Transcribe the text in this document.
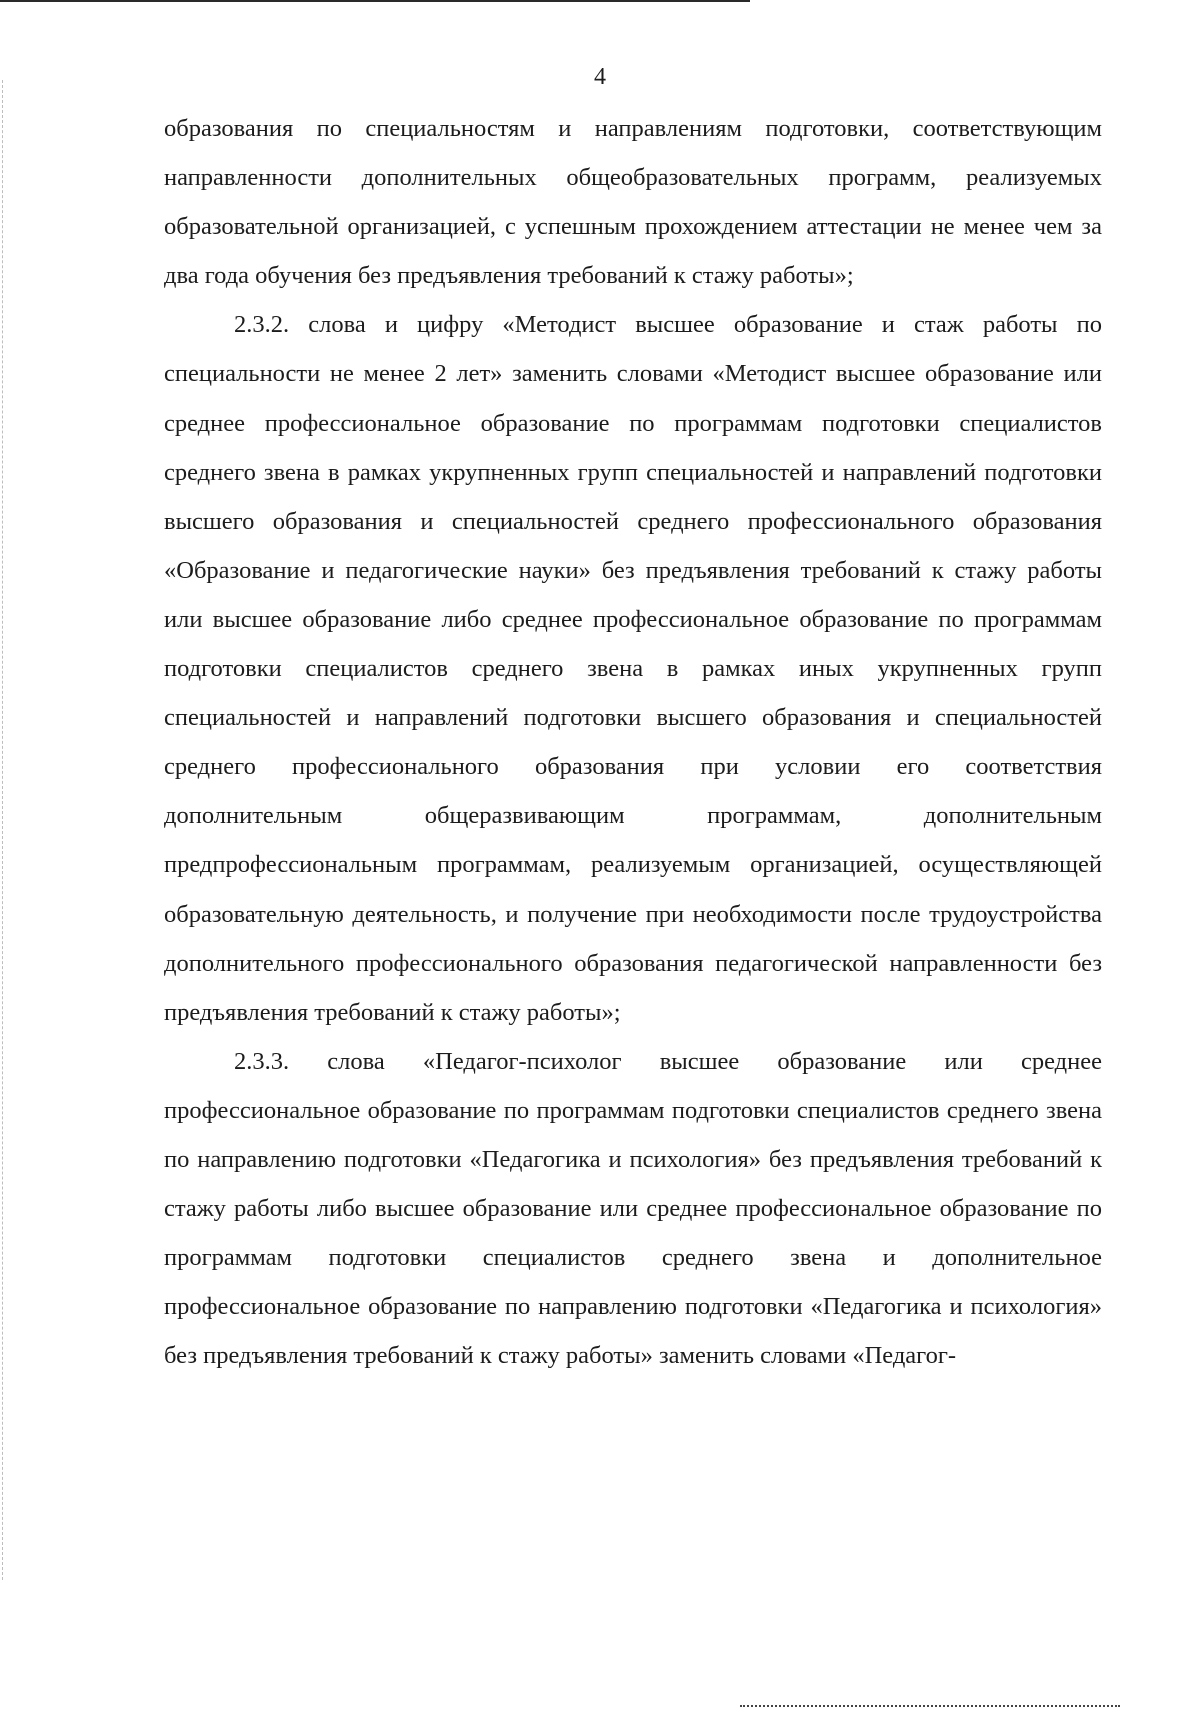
4

образования по специальностям и направлениям подготовки, соответствующим направленности дополнительных общеобразовательных программ, реализуемых образовательной организацией, с успешным прохождением аттестации не менее чем за два года обучения без предъявления требований к стажу работы»;

2.3.2. слова и цифру «Методист высшее образование и стаж работы по специальности не менее 2 лет» заменить словами «Методист высшее образование или среднее профессиональное образование по программам подготовки специалистов среднего звена в рамках укрупненных групп специальностей и направлений подготовки высшего образования и специальностей среднего профессионального образования «Образование и педагогические науки» без предъявления требований к стажу работы или высшее образование либо среднее профессиональное образование по программам подготовки специалистов среднего звена в рамках иных укрупненных групп специальностей и направлений подготовки высшего образования и специальностей среднего профессионального образования при условии его соответствия дополнительным общеразвивающим программам, дополнительным предпрофессиональным программам, реализуемым организацией, осуществляющей образовательную деятельность, и получение при необходимости после трудоустройства дополнительного профессионального образования педагогической направленности без предъявления требований к стажу работы»;

2.3.3. слова «Педагог-психолог высшее образование или среднее профессиональное образование по программам подготовки специалистов среднего звена по направлению подготовки «Педагогика и психология» без предъявления требований к стажу работы либо высшее образование или среднее профессиональное образование по программам подготовки специалистов среднего звена и дополнительное профессиональное образование по направлению подготовки «Педагогика и психология» без предъявления требований к стажу работы» заменить словами «Педагог-
